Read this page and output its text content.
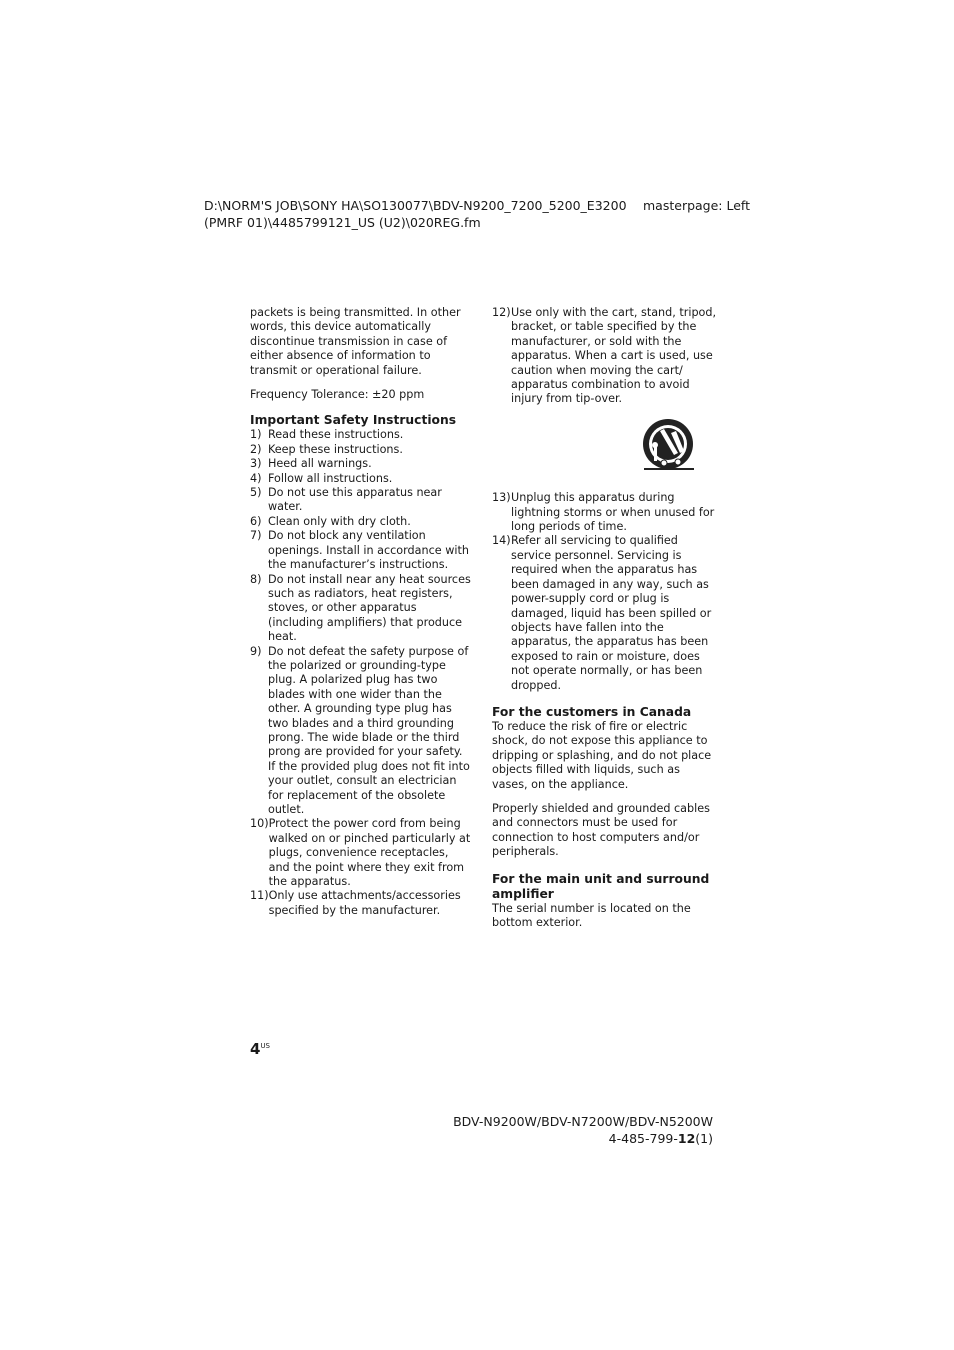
D:\NORM'S JOB\SONY HA\SO130077\BDV-N9200_7200_5200_E3200
(PMRF 01)\4485799121_US (U2)\020REG.fm
masterpage: Left

packets is being transmitted. In other words, this device automatically discontinue transmission in case of either absence of information to transmit or operational failure.

Frequency Tolerance: ±20 ppm

Important Safety Instructions
1) Read these instructions.
2) Keep these instructions.
3) Heed all warnings.
4) Follow all instructions.
5) Do not use this apparatus near water.
6) Clean only with dry cloth.
7) Do not block any ventilation openings. Install in accordance with the manufacturer’s instructions.
8) Do not install near any heat sources such as radiators, heat registers, stoves, or other apparatus (including amplifiers) that produce heat.
9) Do not defeat the safety purpose of the polarized or grounding-type plug. A polarized plug has two blades with one wider than the other. A grounding type plug has two blades and a third grounding prong. The wide blade or the third prong are provided for your safety. If the provided plug does not fit into your outlet, consult an electrician for replacement of the obsolete outlet.
10) Protect the power cord from being walked on or pinched particularly at plugs, convenience receptacles, and the point where they exit from the apparatus.
11) Only use attachments/accessories specified by the manufacturer.
12) Use only with the cart, stand, tripod, bracket, or table specified by the manufacturer, or sold with the apparatus. When a cart is used, use caution when moving the cart/ apparatus combination to avoid injury from tip-over.
13) Unplug this apparatus during lightning storms or when unused for long periods of time.
14) Refer all servicing to qualified service personnel. Servicing is required when the apparatus has been damaged in any way, such as power-supply cord or plug is damaged, liquid has been spilled or objects have fallen into the apparatus, the apparatus has been exposed to rain or moisture, does not operate normally, or has been dropped.
For the customers in Canada

To reduce the risk of fire or electric shock, do not expose this appliance to dripping or splashing, and do not place objects filled with liquids, such as vases, on the appliance.

Properly shielded and grounded cables and connectors must be used for connection to host computers and/or peripherals.

For the main unit and surround amplifier

The serial number is located on the bottom exterior.

$4^{US}$
BDV-N9200W/BDV-N7200W/BDV-N5200W
4-485-799-12(1)
